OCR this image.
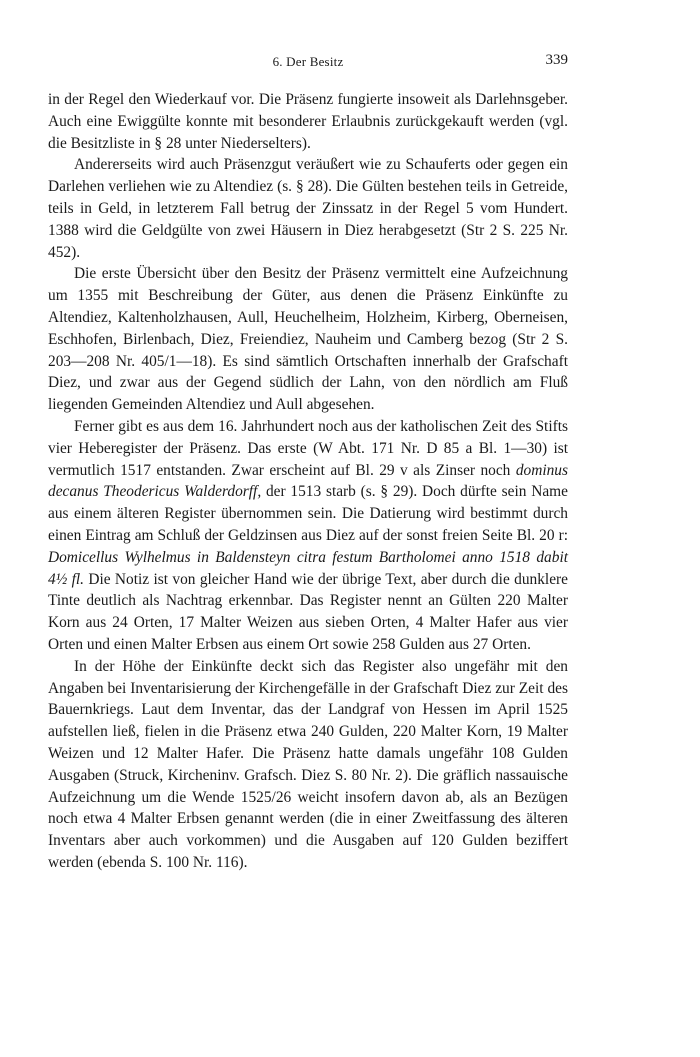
6. Der Besitz	339

in der Regel den Wiederkauf vor. Die Präsenz fungierte insoweit als Darlehnsgeber. Auch eine Ewiggülte konnte mit besonderer Erlaubnis zurückgekauft werden (vgl. die Besitzliste in § 28 unter Niederselters).

Andererseits wird auch Präsenzgut veräußert wie zu Schauferts oder gegen ein Darlehen verliehen wie zu Altendiez (s. § 28). Die Gülten bestehen teils in Getreide, teils in Geld, in letzterem Fall betrug der Zinssatz in der Regel 5 vom Hundert. 1388 wird die Geldgülte von zwei Häusern in Diez herabgesetzt (Str 2 S. 225 Nr. 452).

Die erste Übersicht über den Besitz der Präsenz vermittelt eine Aufzeichnung um 1355 mit Beschreibung der Güter, aus denen die Präsenz Einkünfte zu Altendiez, Kaltenholzhausen, Aull, Heuchelheim, Holzheim, Kirberg, Oberneisen, Eschhofen, Birlenbach, Diez, Freiendiez, Nauheim und Camberg bezog (Str 2 S. 203—208 Nr. 405/1—18). Es sind sämtlich Ortschaften innerhalb der Grafschaft Diez, und zwar aus der Gegend südlich der Lahn, von den nördlich am Fluß liegenden Gemeinden Altendiez und Aull abgesehen.

Ferner gibt es aus dem 16. Jahrhundert noch aus der katholischen Zeit des Stifts vier Heberegister der Präsenz. Das erste (W Abt. 171 Nr. D 85 a Bl. 1—30) ist vermutlich 1517 entstanden. Zwar erscheint auf Bl. 29 v als Zinser noch dominus decanus Theodericus Walderdorff, der 1513 starb (s. § 29). Doch dürfte sein Name aus einem älteren Register übernommen sein. Die Datierung wird bestimmt durch einen Eintrag am Schluß der Geldzinsen aus Diez auf der sonst freien Seite Bl. 20 r: Domicellus Wylhelmus in Baldensteyn citra festum Bartholomei anno 1518 dabit 4½ fl. Die Notiz ist von gleicher Hand wie der übrige Text, aber durch die dunklere Tinte deutlich als Nachtrag erkennbar. Das Register nennt an Gülten 220 Malter Korn aus 24 Orten, 17 Malter Weizen aus sieben Orten, 4 Malter Hafer aus vier Orten und einen Malter Erbsen aus einem Ort sowie 258 Gulden aus 27 Orten.

In der Höhe der Einkünfte deckt sich das Register also ungefähr mit den Angaben bei Inventarisierung der Kirchengefälle in der Grafschaft Diez zur Zeit des Bauernkriegs. Laut dem Inventar, das der Landgraf von Hessen im April 1525 aufstellen ließ, fielen in die Präsenz etwa 240 Gulden, 220 Malter Korn, 19 Malter Weizen und 12 Malter Hafer. Die Präsenz hatte damals ungefähr 108 Gulden Ausgaben (Struck, Kircheninv. Grafsch. Diez S. 80 Nr. 2). Die gräflich nassauische Aufzeichnung um die Wende 1525/26 weicht insofern davon ab, als an Bezügen noch etwa 4 Malter Erbsen genannt werden (die in einer Zweitfassung des älteren Inventars aber auch vorkommen) und die Ausgaben auf 120 Gulden beziffert werden (ebenda S. 100 Nr. 116).
